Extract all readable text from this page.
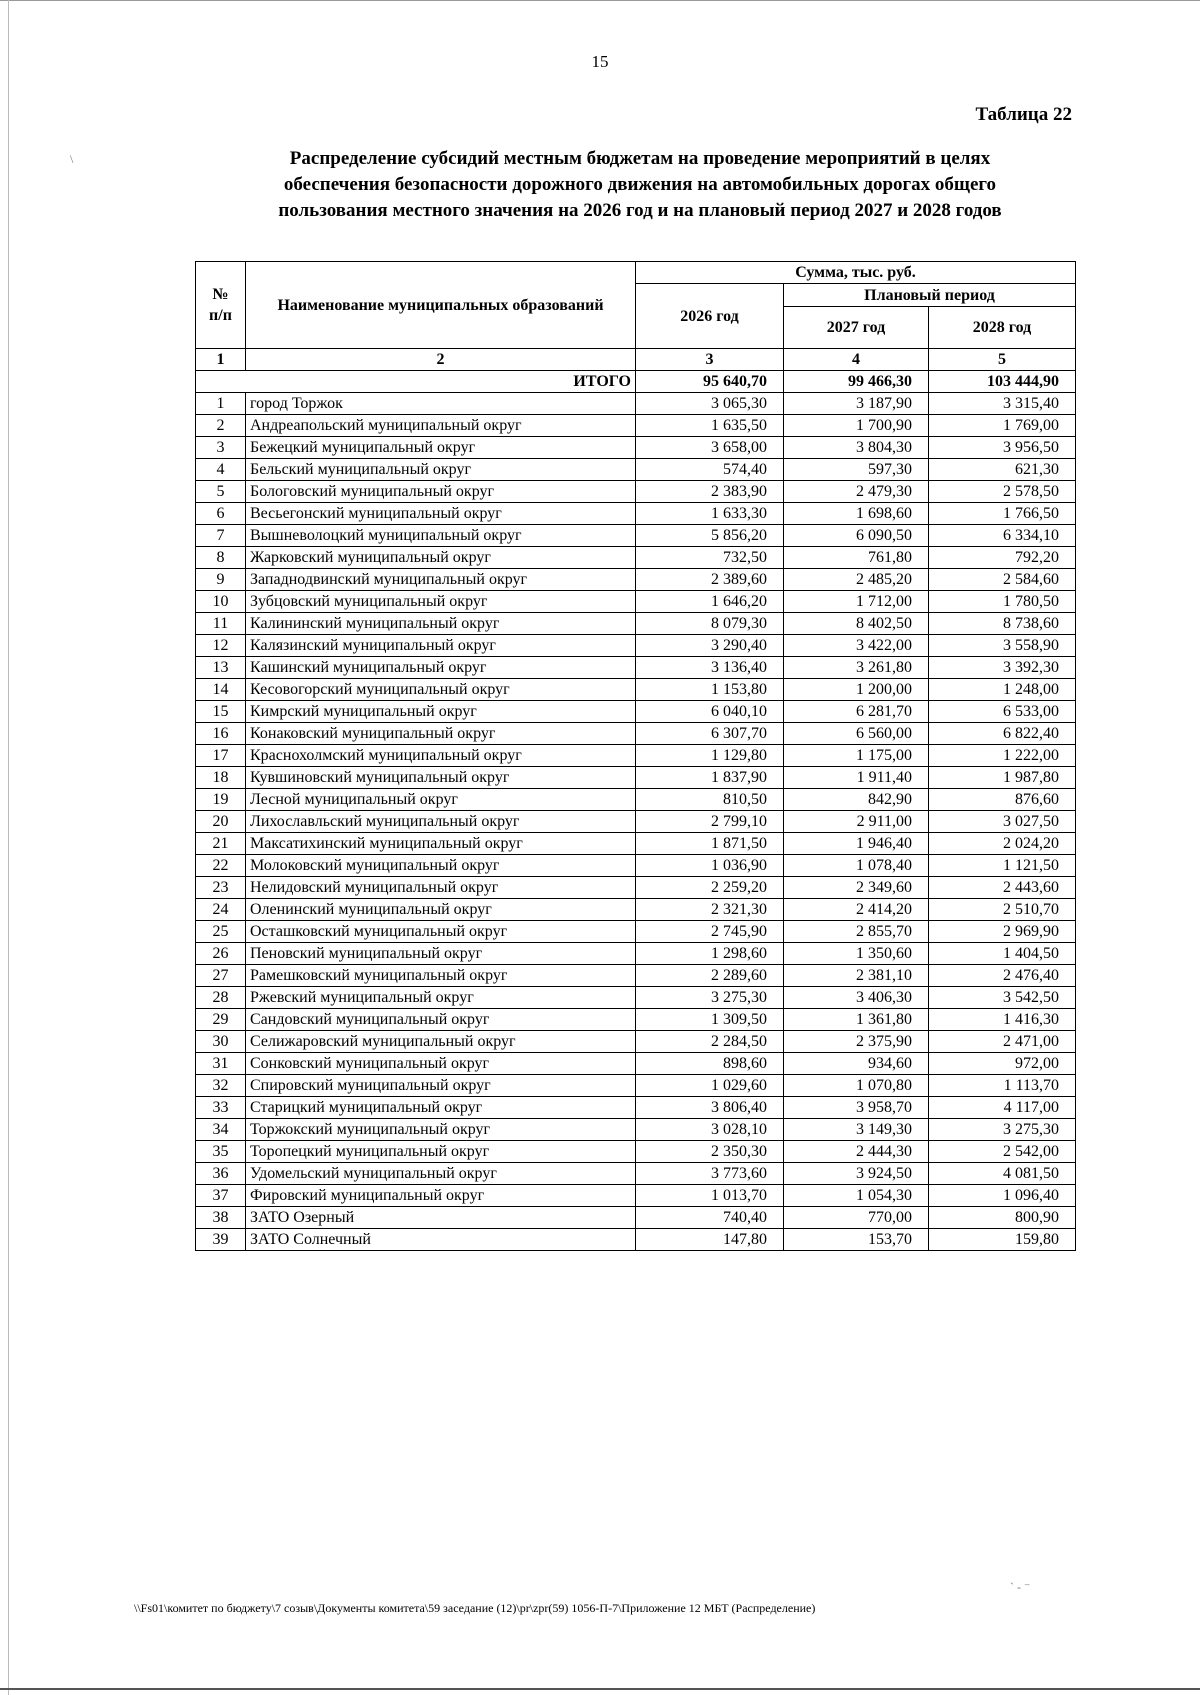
\
` - ⁻
15
Таблица 22
Распределение субсидий местным бюджетам на проведение мероприятий в целях
обеспечения безопасности дорожного движения на автомобильных дорогах общего
пользования местного значения на 2026 год и на плановый период 2027 и 2028 годов
№
п/п	Наименование муниципальных образований	Сумма, тыс. руб.		
		2026 год	Плановый период	
			2027 год	2028 год
1	2	3	4	5
ИТОГО		95 640,70	99 466,30	103 444,90
1	город Торжок	3 065,30	3 187,90	3 315,40
2	Андреапольский муниципальный округ	1 635,50	1 700,90	1 769,00
3	Бежецкий муниципальный округ	3 658,00	3 804,30	3 956,50
4	Бельский муниципальный округ	574,40	597,30	621,30
5	Бологовский муниципальный округ	2 383,90	2 479,30	2 578,50
6	Весьегонский муниципальный округ	1 633,30	1 698,60	1 766,50
7	Вышневолоцкий муниципальный округ	5 856,20	6 090,50	6 334,10
8	Жарковский муниципальный округ	732,50	761,80	792,20
9	Западнодвинский муниципальный округ	2 389,60	2 485,20	2 584,60
10	Зубцовский муниципальный округ	1 646,20	1 712,00	1 780,50
11	Калининский муниципальный округ	8 079,30	8 402,50	8 738,60
12	Калязинский муниципальный округ	3 290,40	3 422,00	3 558,90
13	Кашинский муниципальный округ	3 136,40	3 261,80	3 392,30
14	Кесовогорский муниципальный округ	1 153,80	1 200,00	1 248,00
15	Кимрский муниципальный округ	6 040,10	6 281,70	6 533,00
16	Конаковский муниципальный округ	6 307,70	6 560,00	6 822,40
17	Краснохолмский муниципальный округ	1 129,80	1 175,00	1 222,00
18	Кувшиновский муниципальный округ	1 837,90	1 911,40	1 987,80
19	Лесной муниципальный округ	810,50	842,90	876,60
20	Лихославльский муниципальный округ	2 799,10	2 911,00	3 027,50
21	Максатихинский муниципальный округ	1 871,50	1 946,40	2 024,20
22	Молоковский муниципальный округ	1 036,90	1 078,40	1 121,50
23	Нелидовский муниципальный округ	2 259,20	2 349,60	2 443,60
24	Оленинский муниципальный округ	2 321,30	2 414,20	2 510,70
25	Осташковский муниципальный округ	2 745,90	2 855,70	2 969,90
26	Пеновский муниципальный округ	1 298,60	1 350,60	1 404,50
27	Рамешковский муниципальный округ	2 289,60	2 381,10	2 476,40
28	Ржевский муниципальный округ	3 275,30	3 406,30	3 542,50
29	Сандовский муниципальный округ	1 309,50	1 361,80	1 416,30
30	Селижаровский муниципальный округ	2 284,50	2 375,90	2 471,00
31	Сонковский муниципальный округ	898,60	934,60	972,00
32	Спировский муниципальный округ	1 029,60	1 070,80	1 113,70
33	Старицкий муниципальный округ	3 806,40	3 958,70	4 117,00
34	Торжокский муниципальный округ	3 028,10	3 149,30	3 275,30
35	Торопецкий муниципальный округ	2 350,30	2 444,30	2 542,00
36	Удомельский муниципальный округ	3 773,60	3 924,50	4 081,50
37	Фировский муниципальный округ	1 013,70	1 054,30	1 096,40
38	ЗАТО Озерный	740,40	770,00	800,90
39	ЗАТО Солнечный	147,80	153,70	159,80
\\Fs01\комитет по бюджету\7 созыв\Документы комитета\59 заседание (12)\pr\zpr(59) 1056-П-7\Приложение 12 МБТ (Распределение)
